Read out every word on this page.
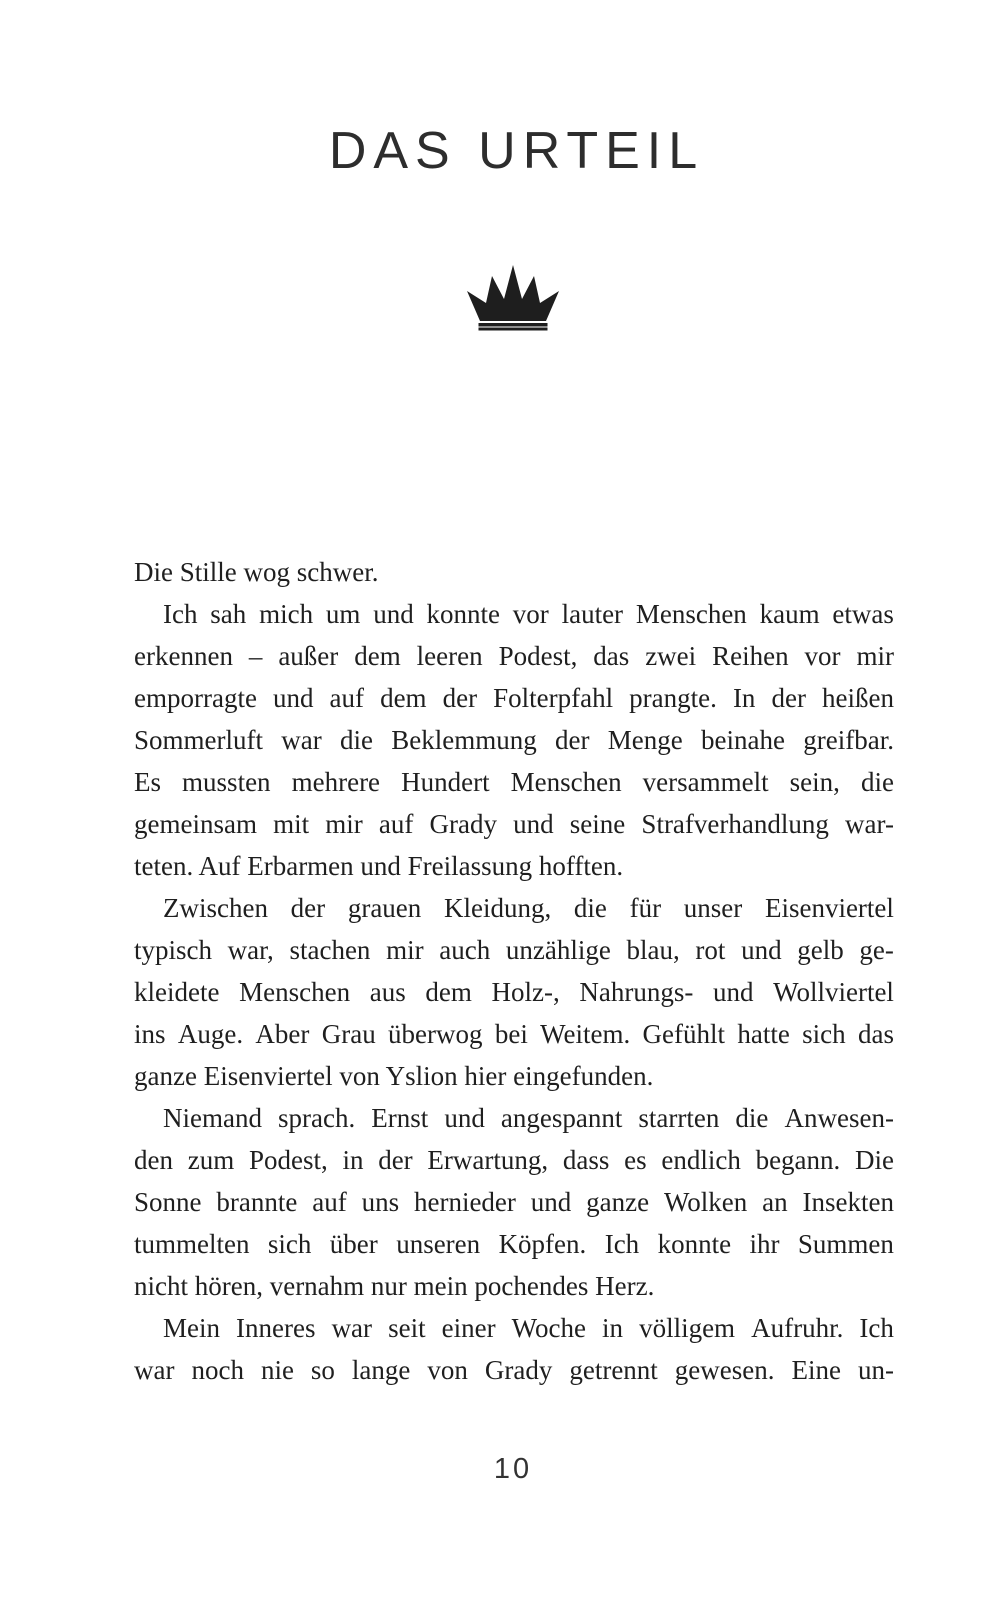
DAS URTEIL
Die Stille wog schwer.
Ich sah mich um und konnte vor lauter Menschen kaum etwas
erkennen – außer dem leeren Podest, das zwei Reihen vor mir
emporragte und auf dem der Folterpfahl prangte. In der heißen
Sommerluft war die Beklemmung der Menge beinahe greifbar.
Es mussten mehrere Hundert Menschen versammelt sein, die
gemeinsam mit mir auf Grady und seine Strafverhandlung war-
teten. Auf Erbarmen und Freilassung hofften.
Zwischen der grauen Kleidung, die für unser Eisenviertel
typisch war, stachen mir auch unzählige blau, rot und gelb ge-
kleidete Menschen aus dem Holz-, Nahrungs- und Wollviertel
ins Auge. Aber Grau überwog bei Weitem. Gefühlt hatte sich das
ganze Eisenviertel von Yslion hier eingefunden.
Niemand sprach. Ernst und angespannt starrten die Anwesen-
den zum Podest, in der Erwartung, dass es endlich begann. Die
Sonne brannte auf uns hernieder und ganze Wolken an Insekten
tummelten sich über unseren Köpfen. Ich konnte ihr Summen
nicht hören, vernahm nur mein pochendes Herz.
Mein Inneres war seit einer Woche in völligem Aufruhr. Ich
war noch nie so lange von Grady getrennt gewesen. Eine un-
10
